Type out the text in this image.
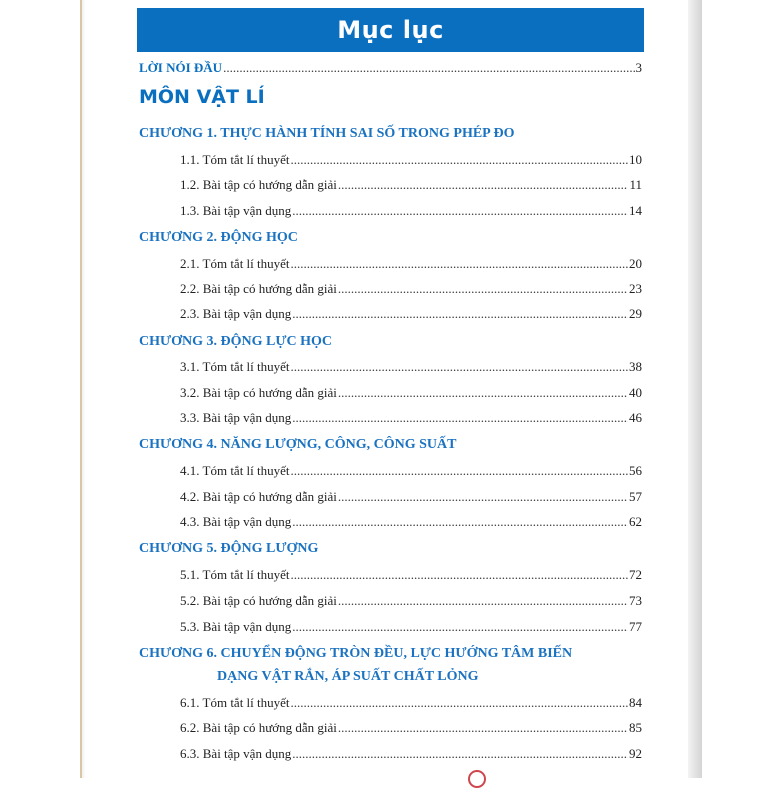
Mục lục
LỜI NÓI ĐẦU .....	3
MÔN VẬT LÍ
CHƯƠNG 1. THỰC HÀNH TÍNH SAI SỐ TRONG PHÉP ĐO
1.1. Tóm tắt lí thuyết .....	10
1.2. Bài tập có hướng dẫn giải .....	11
1.3. Bài tập vận dụng .....	14
CHƯƠNG 2. ĐỘNG HỌC
2.1. Tóm tắt lí thuyết .....	20
2.2. Bài tập có hướng dẫn giải .....	23
2.3. Bài tập vận dụng .....	29
CHƯƠNG 3. ĐỘNG LỰC HỌC
3.1. Tóm tắt lí thuyết .....	38
3.2. Bài tập có hướng dẫn giải .....	40
3.3. Bài tập vận dụng .....	46
CHƯƠNG 4. NĂNG LƯỢNG, CÔNG, CÔNG SUẤT
4.1. Tóm tắt lí thuyết .....	56
4.2. Bài tập có hướng dẫn giải .....	57
4.3. Bài tập vận dụng .....	62
CHƯƠNG 5. ĐỘNG LƯỢNG
5.1. Tóm tắt lí thuyết .....	72
5.2. Bài tập có hướng dẫn giải .....	73
5.3. Bài tập vận dụng .....	77
CHƯƠNG 6. CHUYỂN ĐỘNG TRÒN ĐỀU, LỰC HƯỚNG TÂM BIẾN
DẠNG VẬT RẮN, ÁP SUẤT CHẤT LỎNG
6.1. Tóm tắt lí thuyết .....	84
6.2. Bài tập có hướng dẫn giải .....	85
6.3. Bài tập vận dụng .....	92
